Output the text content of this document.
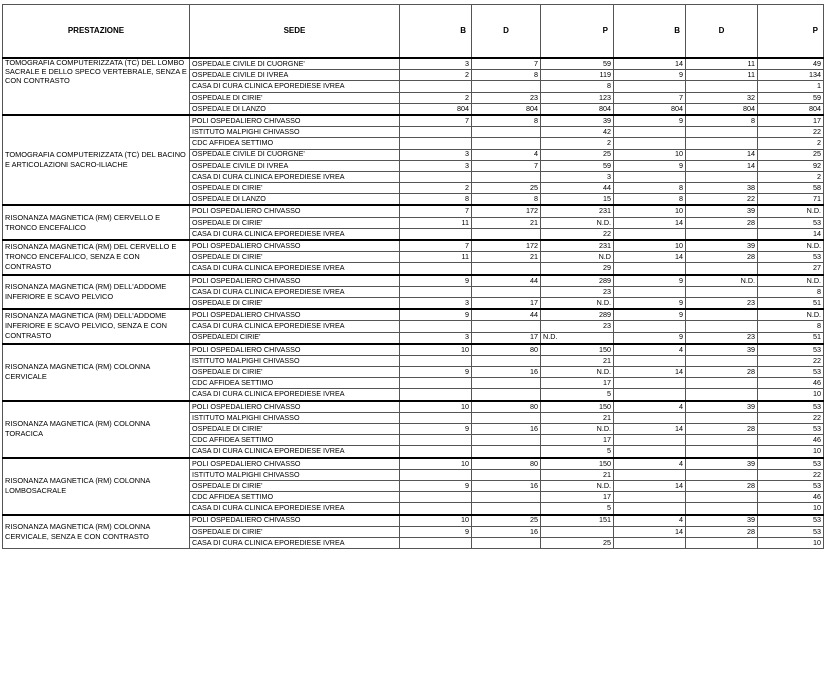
PRESTAZIONE	SEDE	B	D	P	B	D	P
TOMOGRAFIA COMPUTERIZZATA (TC) DEL LOMBO SACRALE E DELLO SPECO VERTEBRALE, SENZA E CON CONTRASTO	OSPEDALE CIVILE DI CUORGNE'	3	7	59	14	11	49
	OSPEDALE CIVILE DI IVREA	2	8	119	9	11	134
	CASA DI CURA CLINICA EPOREDIESE IVREA			8			1
	OSPEDALE DI CIRIE'	2	23	123	7	32	59
	OSPEDALE DI LANZO	804	804	804	804	804	804
TOMOGRAFIA COMPUTERIZZATA (TC) DEL BACINO E ARTICOLAZIONI SACRO-ILIACHE	POLI OSPEDALIERO CHIVASSO	7	8	39	9	8	17
	ISTITUTO MALPIGHI CHIVASSO			42			22
	CDC AFFIDEA SETTIMO			2			2
	OSPEDALE CIVILE DI CUORGNE'	3	4	25	10	14	25
	OSPEDALE CIVILE DI IVREA	3	7	59	9	14	92
	CASA DI CURA CLINICA EPOREDIESE IVREA			3			2
	OSPEDALE DI CIRIE'	2	25	44	8	38	58
	OSPEDALE DI LANZO	8	8	15	8	22	71
RISONANZA MAGNETICA (RM) CERVELLO E TRONCO ENCEFALICO	POLI OSPEDALIERO CHIVASSO	7	172	231	10	39	N.D.
	OSPEDALE DI CIRIE'	11	21	N.D.	14	28	53
	CASA DI CURA CLINICA EPOREDIESE IVREA			22			14
RISONANZA MAGNETICA (RM) DEL CERVELLO E TRONCO ENCEFALICO, SENZA E CON CONTRASTO	POLI OSPEDALIERO CHIVASSO	7	172	231	10	39	N.D.
	OSPEDALE DI CIRIE'	11	21	N.D	14	28	53
	CASA DI CURA CLINICA EPOREDIESE IVREA			29			27
RISONANZA MAGNETICA (RM) DELL'ADDOME INFERIORE E SCAVO PELVICO	POLI OSPEDALIERO CHIVASSO	9	44	289	9	N.D.	N.D.
	CASA DI CURA CLINICA EPOREDIESE IVREA			23			8
	OSPEDALE DI CIRIE'	3	17	N.D.	9	23	51
RISONANZA MAGNETICA (RM) DELL'ADDOME INFERIORE E SCAVO PELVICO, SENZA E CON CONTRASTO	POLI OSPEDALIERO CHIVASSO	9	44	289	9		N.D.
	CASA DI CURA CLINICA EPOREDIESE IVREA			23			8
	OSPEDALEDI CIRIE'	3	17	N.D.	9	23	51
RISONANZA MAGNETICA (RM) COLONNA CERVICALE	POLI OSPEDALIERO CHIVASSO	10	80	150	4	39	53
	ISTITUTO MALPIGHI CHIVASSO			21			22
	OSPEDALE DI CIRIE'	9	16	N.D.	14	28	53
	CDC AFFIDEA SETTIMO			17			46
	CASA DI CURA CLINICA EPOREDIESE IVREA			5			10
RISONANZA MAGNETICA (RM) COLONNA TORACICA	POLI OSPEDALIERO CHIVASSO	10	80	150	4	39	53
	ISTITUTO MALPIGHI CHIVASSO			21			22
	OSPEDALE DI CIRIE'	9	16	N.D.	14	28	53
	CDC AFFIDEA SETTIMO			17			46
	CASA DI CURA CLINICA EPOREDIESE IVREA			5			10
RISONANZA MAGNETICA (RM) COLONNA LOMBOSACRALE	POLI OSPEDALIERO CHIVASSO	10	80	150	4	39	53
	ISTITUTO MALPIGHI CHIVASSO			21			22
	OSPEDALE DI CIRIE'	9	16	N.D.	14	28	53
	CDC AFFIDEA SETTIMO			17			46
	CASA DI CURA CLINICA EPOREDIESE IVREA			5			10
RISONANZA MAGNETICA (RM) COLONNA CERVICALE, SENZA E CON CONTRASTO	POLI OSPEDALIERO CHIVASSO	10	25	151	4	39	53
	OSPEDALE DI CIRIE'	9	16		14	28	53
	CASA DI CURA CLINICA EPOREDIESE IVREA			25			10
